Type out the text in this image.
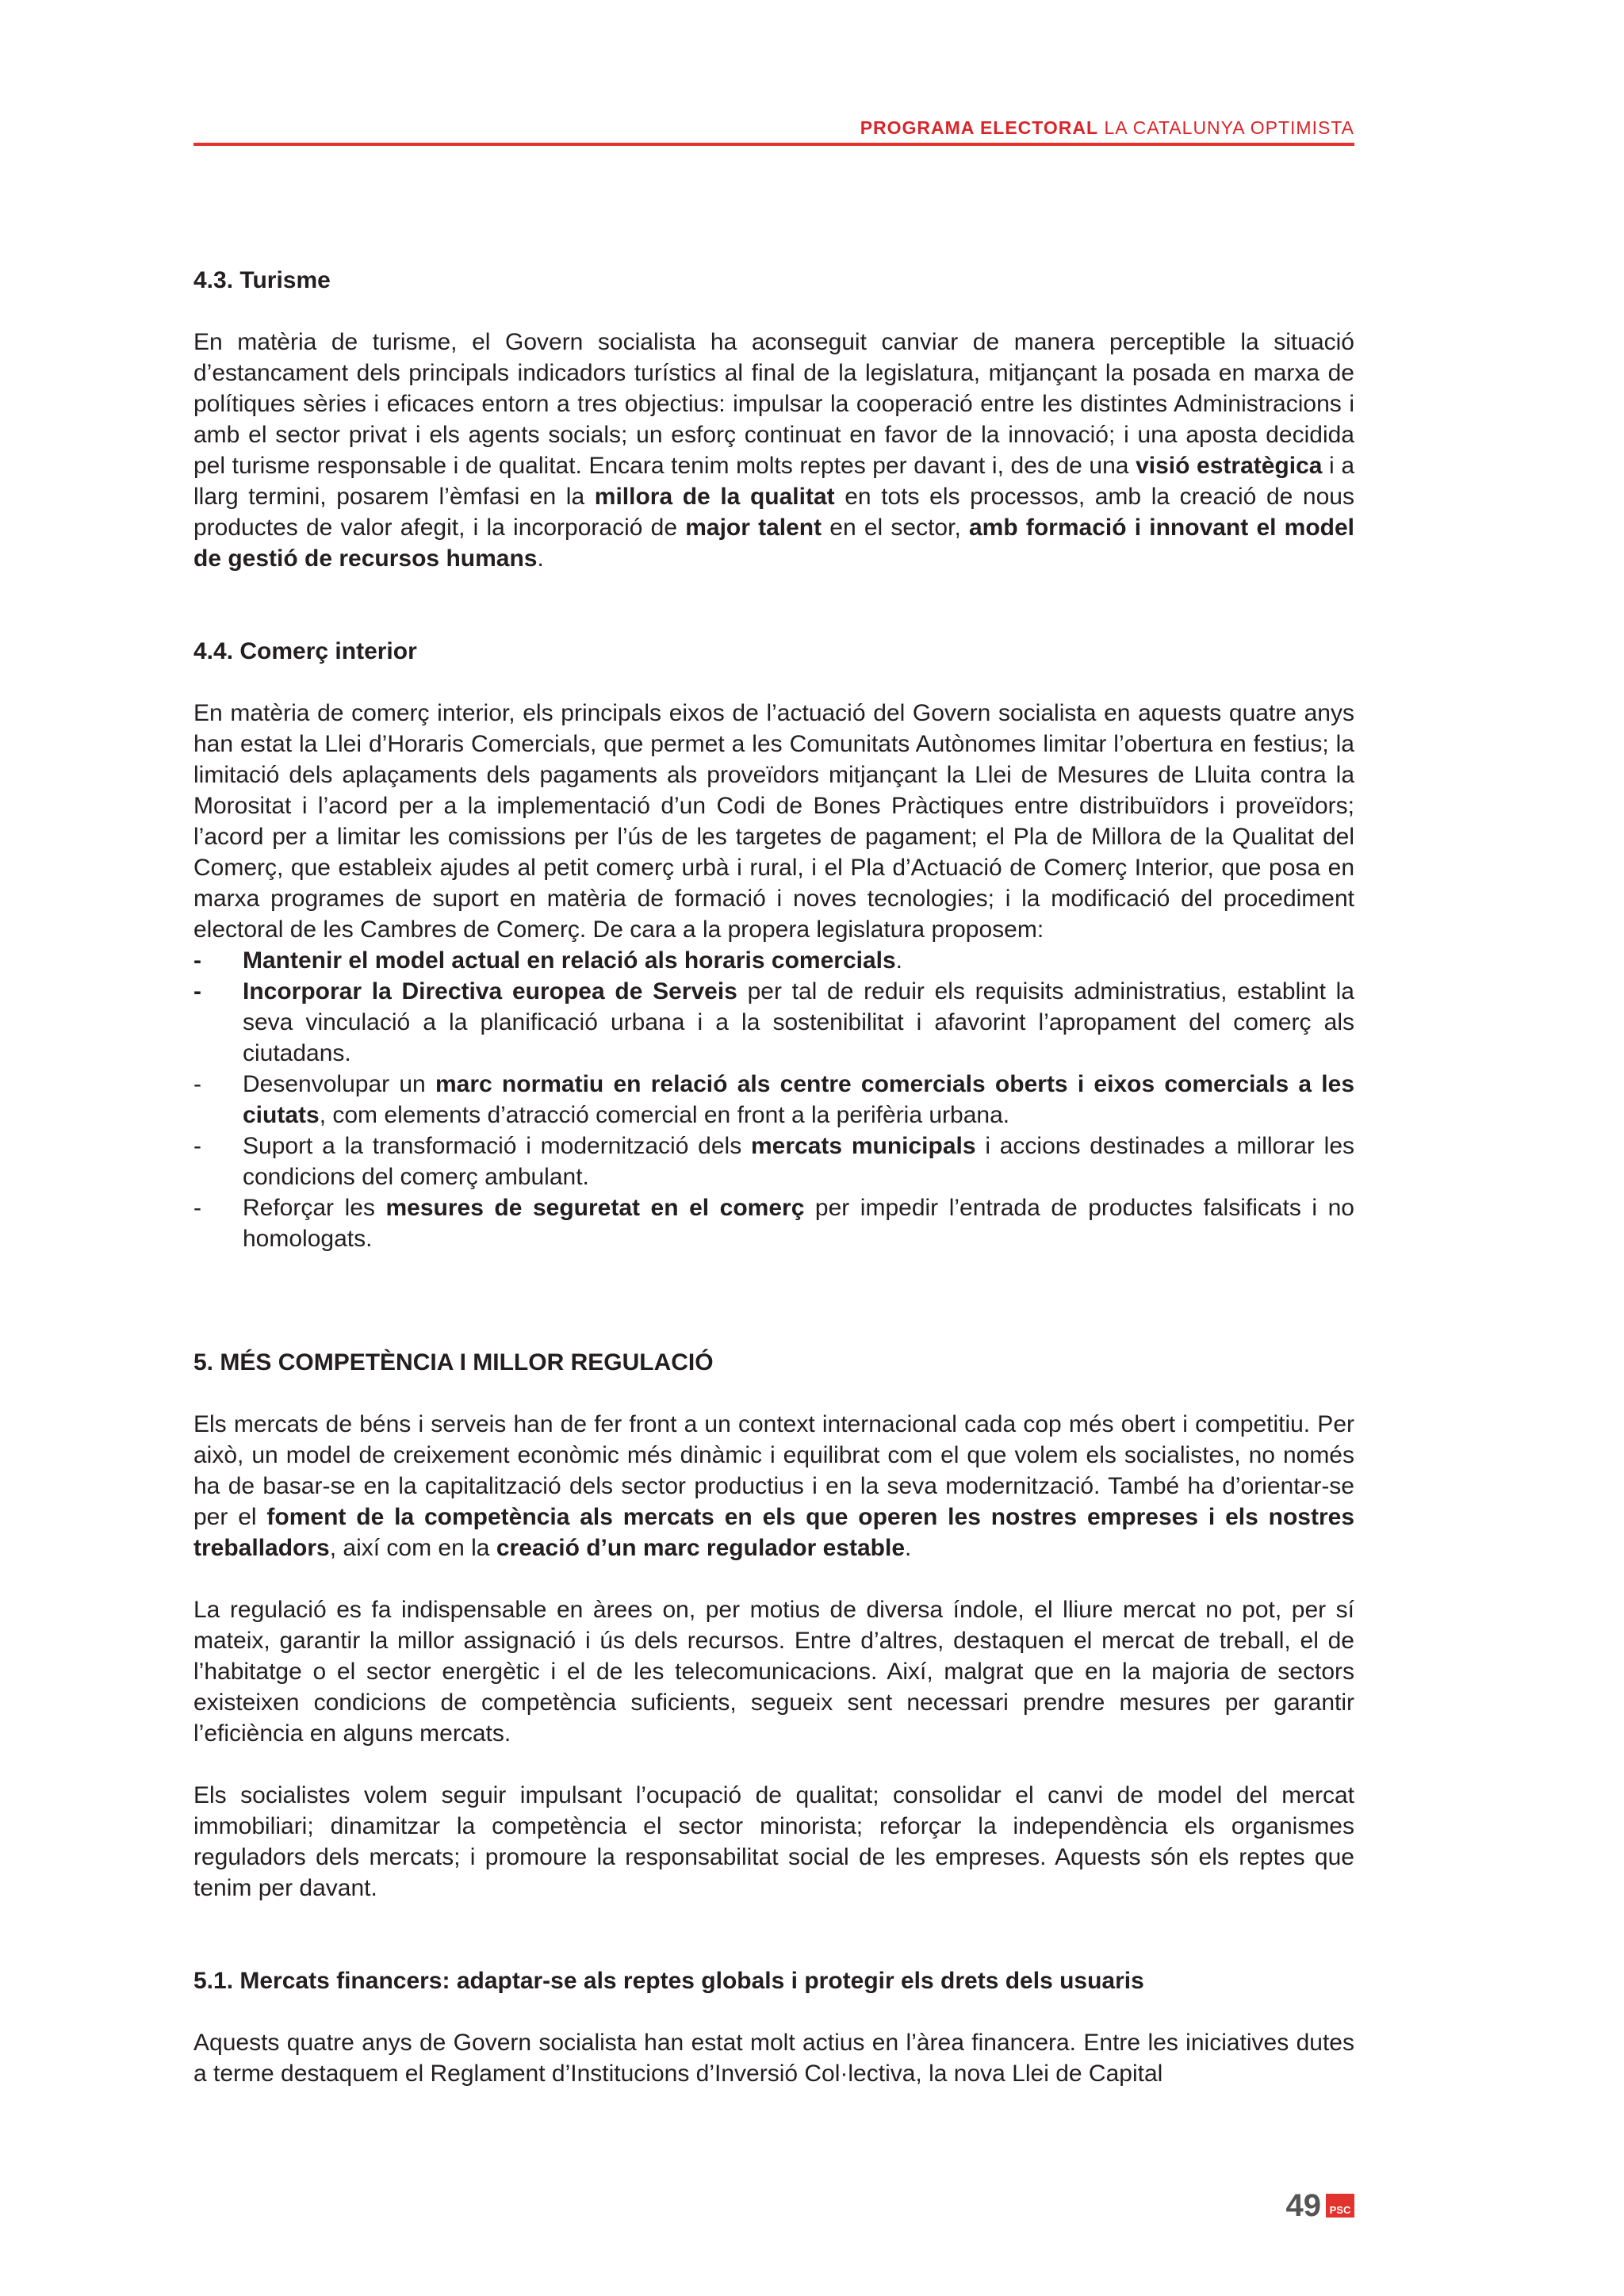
PROGRAMA ELECTORAL LA CATALUNYA OPTIMISTA
4.3. Turisme

En matèria de turisme, el Govern socialista ha aconseguit canviar de manera perceptible la situació d’estancament dels principals indicadors turístics al final de la legislatura, mitjançant la posada en marxa de polítiques sèries i eficaces entorn a tres objectius: impulsar la cooperació entre les distintes Administracions i amb el sector privat i els agents socials; un esforç continuat en favor de la innovació; i una aposta decidida pel turisme responsable i de qualitat. Encara tenim molts reptes per davant i, des de una visió estratègica i a llarg termini, posarem l’èmfasi en la millora de la qualitat en tots els processos, amb la creació de nous productes de valor afegit, i la incorporació de major talent en el sector, amb formació i innovant el model de gestió de recursos humans.

4.4. Comerç interior

En matèria de comerç interior, els principals eixos de l’actuació del Govern socialista en aquests quatre anys han estat la Llei d’Horaris Comercials, que permet a les Comunitats Autònomes limitar l’obertura en festius; la limitació dels aplaçaments dels pagaments als proveïdors mitjançant la Llei de Mesures de Lluita contra la Morositat i l’acord per a la implementació d’un Codi de Bones Pràctiques entre distribuïdors i proveïdors; l’acord per a limitar les comissions per l’ús de les targetes de pagament; el Pla de Millora de la Qualitat del Comerç, que estableix ajudes al petit comerç urbà i rural, i el Pla d’Actuació de Comerç Interior, que posa en marxa programes de suport en matèria de formació i noves tecnologies; i la modificació del procediment electoral de les Cambres de Comerç. De cara a la propera legislatura proposem:

- Mantenir el model actual en relació als horaris comercials.
- Incorporar la Directiva europea de Serveis per tal de reduir els requisits administratius, establint la seva vinculació a la planificació urbana i a la sostenibilitat i afavorint l’apropament del comerç als ciutadans.
- Desenvolupar un marc normatiu en relació als centre comercials oberts i eixos comercials a les ciutats, com elements d’atracció comercial en front a la perifèria urbana.
- Suport a la transformació i modernització dels mercats municipals i accions destinades a millorar les condicions del comerç ambulant.
- Reforçar les mesures de seguretat en el comerç per impedir l’entrada de productes falsificats i no homologats.
5. MÉS COMPETÈNCIA I MILLOR REGULACIÓ

Els mercats de béns i serveis han de fer front a un context internacional cada cop més obert i competitiu. Per això, un model de creixement econòmic més dinàmic i equilibrat com el que volem els socialistes, no només ha de basar-se en la capitalització dels sector productius i en la seva modernització. També ha d’orientar-se per el foment de la competència als mercats en els que operen les nostres empreses i els nostres treballadors, així com en la creació d’un marc regulador estable.

La regulació es fa indispensable en àrees on, per motius de diversa índole, el lliure mercat no pot, per sí mateix, garantir la millor assignació i ús dels recursos. Entre d’altres, destaquen el mercat de treball, el de l’habitatge o el sector energètic i el de les telecomunicacions. Així, malgrat que en la majoria de sectors existeixen condicions de competència suficients, segueix sent necessari prendre mesures per garantir l’eficiència en alguns mercats.

Els socialistes volem seguir impulsant l’ocupació de qualitat; consolidar el canvi de model del mercat immobiliari; dinamitzar la competència el sector minorista; reforçar la independència els organismes reguladors dels mercats; i promoure la responsabilitat social de les empreses. Aquests són els reptes que tenim per davant.

5.1. Mercats financers: adaptar-se als reptes globals i protegir els drets dels usuaris

Aquests quatre anys de Govern socialista han estat molt actius en l’àrea financera. Entre les iniciatives dutes a terme destaquem el Reglament d’Institucions d’Inversió Col·lectiva, la nova Llei de Capital

49 PSC
